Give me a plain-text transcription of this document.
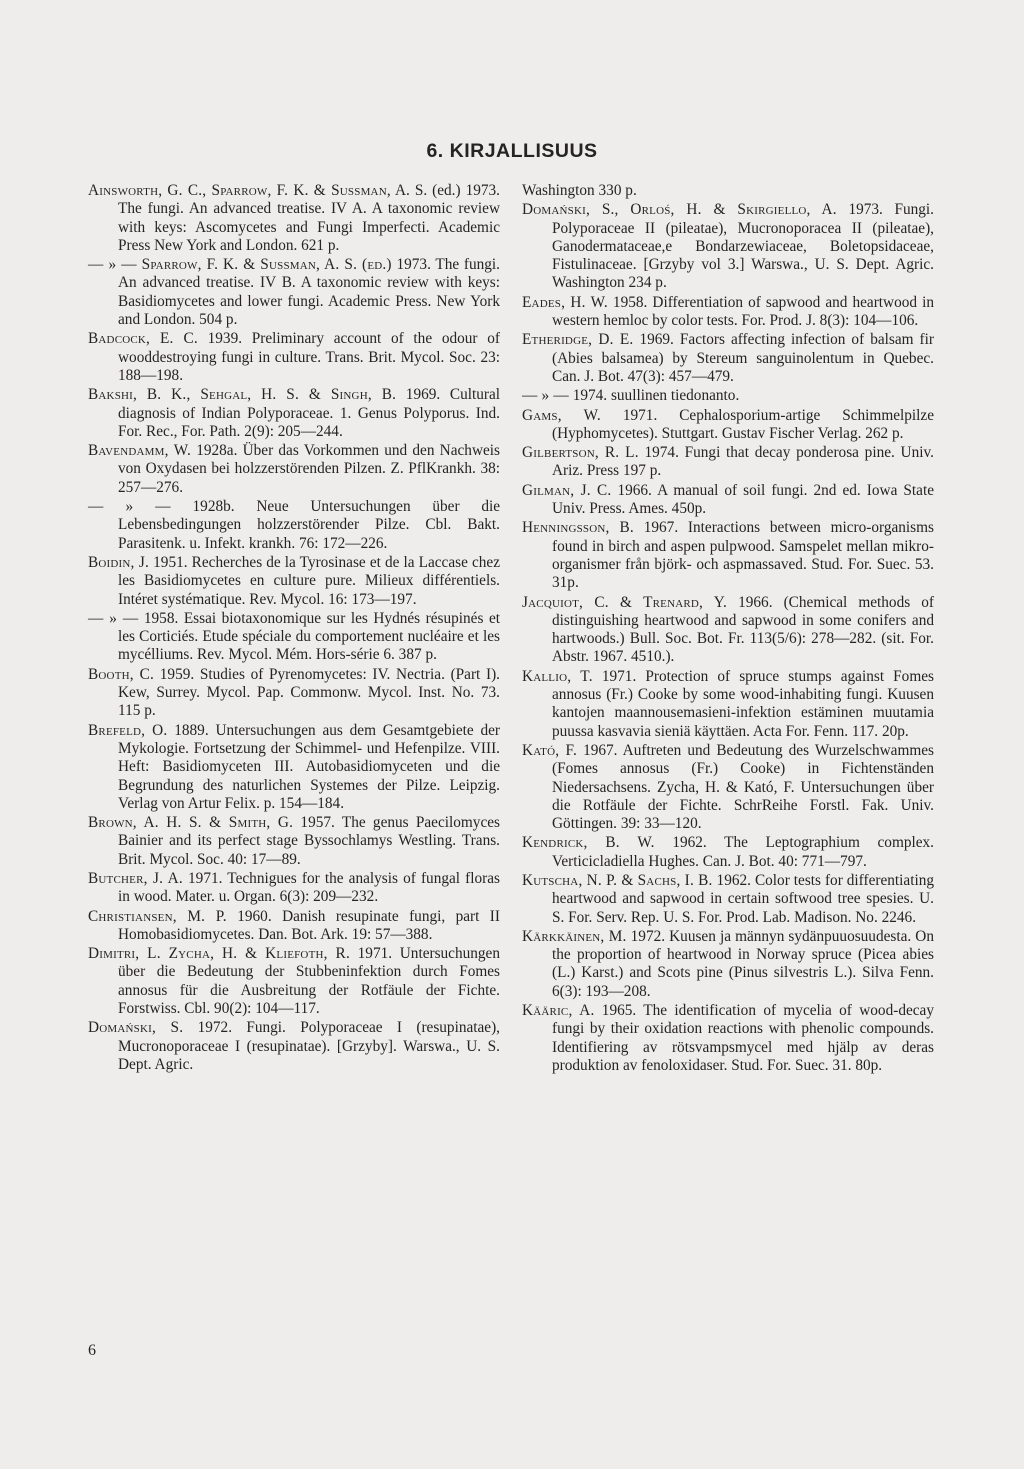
6. KIRJALLISUUS

Ainsworth, G. C., Sparrow, F. K. & Sussman, A. S. (ed.) 1973. The fungi. An advanced treatise. IV A. A taxonomic review with keys: Ascomycetes and Fungi Imperfecti. Academic Press New York and London. 621 p.

— » — Sparrow, F. K. & Sussman, A. S. (ed.) 1973. The fungi. An advanced treatise. IV B. A taxonomic review with keys: Basidiomycetes and lower fungi. Academic Press. New York and London. 504 p.

Badcock, E. C. 1939. Preliminary account of the odour of wooddestroying fungi in culture. Trans. Brit. Mycol. Soc. 23: 188—198.

Bakshi, B. K., Sehgal, H. S. & Singh, B. 1969. Cultural diagnosis of Indian Polyporaceae. 1. Genus Polyporus. Ind. For. Rec., For. Path. 2(9): 205—244.

Bavendamm, W. 1928a. Über das Vorkommen und den Nachweis von Oxydasen bei holzzerstörenden Pilzen. Z. PflKrankh. 38: 257—276.

— » — 1928b. Neue Untersuchungen über die Lebensbedingungen holzzerstörender Pilze. Cbl. Bakt. Parasitenk. u. Infekt. krankh. 76: 172—226.

Boidin, J. 1951. Recherches de la Tyrosinase et de la Laccase chez les Basidiomycetes en culture pure. Milieux différentiels. Intéret systématique. Rev. Mycol. 16: 173—197.

— » — 1958. Essai biotaxonomique sur les Hydnés résupinés et les Corticiés. Etude spéciale du comportement nucléaire et les mycélliums. Rev. Mycol. Mém. Hors-série 6. 387 p.

Booth, C. 1959. Studies of Pyrenomycetes: IV. Nectria. (Part I). Kew, Surrey. Mycol. Pap. Commonw. Mycol. Inst. No. 73. 115 p.

Brefeld, O. 1889. Untersuchungen aus dem Gesamtgebiete der Mykologie. Fortsetzung der Schimmel- und Hefenpilze. VIII. Heft: Basidiomyceten III. Autobasidiomyceten und die Begrundung des naturlichen Systemes der Pilze. Leipzig. Verlag von Artur Felix. p. 154—184.

Brown, A. H. S. & Smith, G. 1957. The genus Paecilomyces Bainier and its perfect stage Byssochlamys Westling. Trans. Brit. Mycol. Soc. 40: 17—89.

Butcher, J. A. 1971. Technigues for the analysis of fungal floras in wood. Mater. u. Organ. 6(3): 209—232.

Christiansen, M. P. 1960. Danish resupinate fungi, part II Homobasidiomycetes. Dan. Bot. Ark. 19: 57—388.

Dimitri, L. Zycha, H. & Kliefoth, R. 1971. Untersuchungen über die Bedeutung der Stubbeninfektion durch Fomes annosus für die Ausbreitung der Rotfäule der Fichte. Forstwiss. Cbl. 90(2): 104—117.

Domański, S. 1972. Fungi. Polyporaceae I (resupinatae), Mucronoporaceae I (resupinatae). [Grzyby]. Warswa., U. S. Dept. Agric.

Washington 330 p.

Domański, S., Orloś, H. & Skirgiello, A. 1973. Fungi. Polyporaceae II (pileatae), Mucronoporacea II (pileatae), Ganodermataceae,e Bondarzewiaceae, Boletopsidaceae, Fistulinaceae. [Grzyby vol 3.] Warswa., U. S. Dept. Agric. Washington 234 p.

Eades, H. W. 1958. Differentiation of sapwood and heartwood in western hemloc by color tests. For. Prod. J. 8(3): 104—106.

Etheridge, D. E. 1969. Factors affecting infection of balsam fir (Abies balsamea) by Stereum sanguinolentum in Quebec. Can. J. Bot. 47(3): 457—479.

— » — 1974. suullinen tiedonanto.

Gams, W. 1971. Cephalosporium-artige Schimmelpilze (Hyphomycetes). Stuttgart. Gustav Fischer Verlag. 262 p.

Gilbertson, R. L. 1974. Fungi that decay ponderosa pine. Univ. Ariz. Press 197 p.

Gilman, J. C. 1966. A manual of soil fungi. 2nd ed. Iowa State Univ. Press. Ames. 450p.

Henningsson, B. 1967. Interactions between micro-organisms found in birch and aspen pulpwood. Samspelet mellan mikro-organismer från björk- och aspmassaved. Stud. For. Suec. 53. 31p.

Jacquiot, C. & Trenard, Y. 1966. (Chemical methods of distinguishing heartwood and sapwood in some conifers and hartwoods.) Bull. Soc. Bot. Fr. 113(5/6): 278—282. (sit. For. Abstr. 1967. 4510.).

Kallio, T. 1971. Protection of spruce stumps against Fomes annosus (Fr.) Cooke by some wood-inhabiting fungi. Kuusen kantojen maannousemasieni-infektion estäminen muutamia puussa kasvavia sieniä käyttäen. Acta For. Fenn. 117. 20p.

Kató, F. 1967. Auftreten und Bedeutung des Wurzelschwammes (Fomes annosus (Fr.) Cooke) in Fichtenständen Niedersachsens. Zycha, H. & Kató, F. Untersuchungen über die Rotfäule der Fichte. SchrReihe Forstl. Fak. Univ. Göttingen. 39: 33—120.

Kendrick, B. W. 1962. The Leptographium complex. Verticicladiella Hughes. Can. J. Bot. 40: 771—797.

Kutscha, N. P. & Sachs, I. B. 1962. Color tests for differentiating heartwood and sapwood in certain softwood tree spesies. U. S. For. Serv. Rep. U. S. For. Prod. Lab. Madison. No. 2246.

Kärkkäinen, M. 1972. Kuusen ja männyn sydänpuuosuudesta. On the proportion of heartwood in Norway spruce (Picea abies (L.) Karst.) and Scots pine (Pinus silvestris L.). Silva Fenn. 6(3): 193—208.

Kääric, A. 1965. The identification of mycelia of wood-decay fungi by their oxidation reactions with phenolic compounds. Identifiering av rötsvampsmycel med hjälp av deras produktion av fenoloxidaser. Stud. For. Suec. 31. 80p.

6
